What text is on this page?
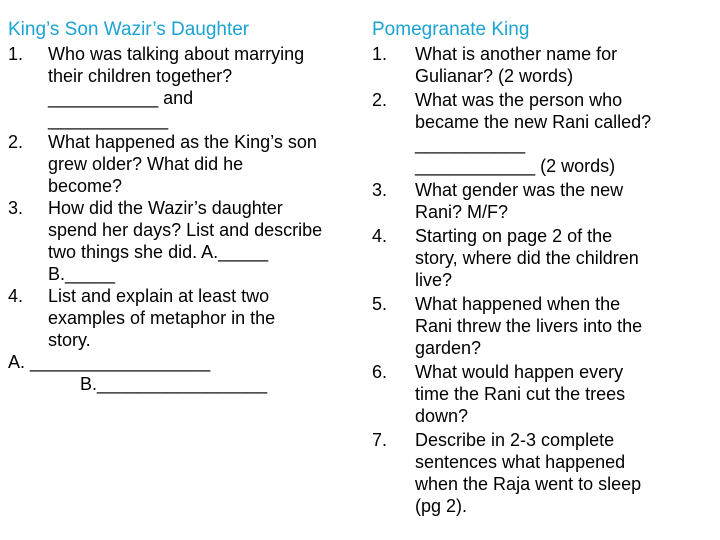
King’s Son Wazir’s Daughter
1.	Who was talking about marrying
their children together?
___________ and
____________
2.	What happened as the King’s son
grew older? What did he
become?
3.	How did the Wazir’s daughter
spend her days? List and describe
two things she did. A._____
B._____
4.	List and explain at least two
examples of metaphor in the
story.
A. __________________
B._________________
Pomegranate King
1.	What is another name for
Gulianar? (2 words)
2.	What was the person who
became the new Rani called?
___________
____________ (2 words)
3.	What gender was the new
Rani? M/F?
4.	Starting on page 2 of the
story, where did the children
live?
5.	What happened when the
Rani threw the livers into the
garden?
6.	What would happen every
time the Rani cut the trees
down?
7.	Describe in 2-3 complete
sentences what happened
when the Raja went to sleep
(pg 2).
